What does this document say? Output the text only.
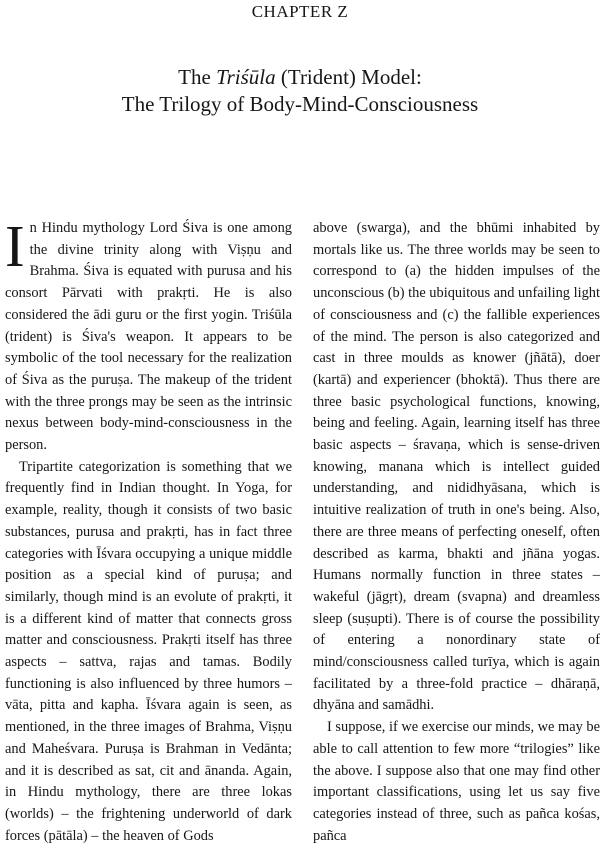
CHAPTER Z
The Triśūla (Trident) Model:
The Trilogy of Body-Mind-Consciousness

In Hindu mythology Lord Śiva is one among the divine trinity along with Viṣṇu and Brahma. Śiva is equated with purusa and his consort Pārvati with prakṛti. He is also considered the ādi guru or the first yogin. Triśūla (trident) is Śiva's weapon. It appears to be symbolic of the tool necessary for the realization of Śiva as the puruṣa. The makeup of the trident with the three prongs may be seen as the intrinsic nexus between body-mind-consciousness in the person.

Tripartite categorization is something that we frequently find in Indian thought. In Yoga, for example, reality, though it consists of two basic substances, purusa and prakṛti, has in fact three categories with Īśvara occupying a unique middle position as a special kind of puruṣa; and similarly, though mind is an evolute of prakṛti, it is a different kind of matter that connects gross matter and consciousness. Prakṛti itself has three aspects – sattva, rajas and tamas. Bodily functioning is also influenced by three humors – vāta, pitta and kapha. Īśvara again is seen, as mentioned, in the three images of Brahma, Viṣṇu and Maheśvara. Puruṣa is Brahman in Vedānta; and it is described as sat, cit and ānanda. Again, in Hindu mythology, there are three lokas (worlds) – the frightening underworld of dark forces (pātāla) – the heaven of Gods

above (swarga), and the bhūmi inhabited by mortals like us. The three worlds may be seen to correspond to (a) the hidden impulses of the unconscious (b) the ubiquitous and unfailing light of consciousness and (c) the fallible experiences of the mind. The person is also categorized and cast in three moulds as knower (jñātā), doer (kartā) and experiencer (bhoktā). Thus there are three basic psychological functions, knowing, being and feeling. Again, learning itself has three basic aspects – śravaṇa, which is sense-driven knowing, manana which is intellect guided understanding, and nididhyāsana, which is intuitive realization of truth in one's being. Also, there are three means of perfecting oneself, often described as karma, bhakti and jñāna yogas. Humans normally function in three states – wakeful (jāgṛt), dream (svapna) and dreamless sleep (suṣupti). There is of course the possibility of entering a nonordinary state of mind/consciousness called turīya, which is again facilitated by a three-fold practice – dhāraṇā, dhyāna and samādhi.

I suppose, if we exercise our minds, we may be able to call attention to few more “trilogies” like the above. I suppose also that one may find other important classifications, using let us say five categories instead of three, such as pañca kośas, pañca
